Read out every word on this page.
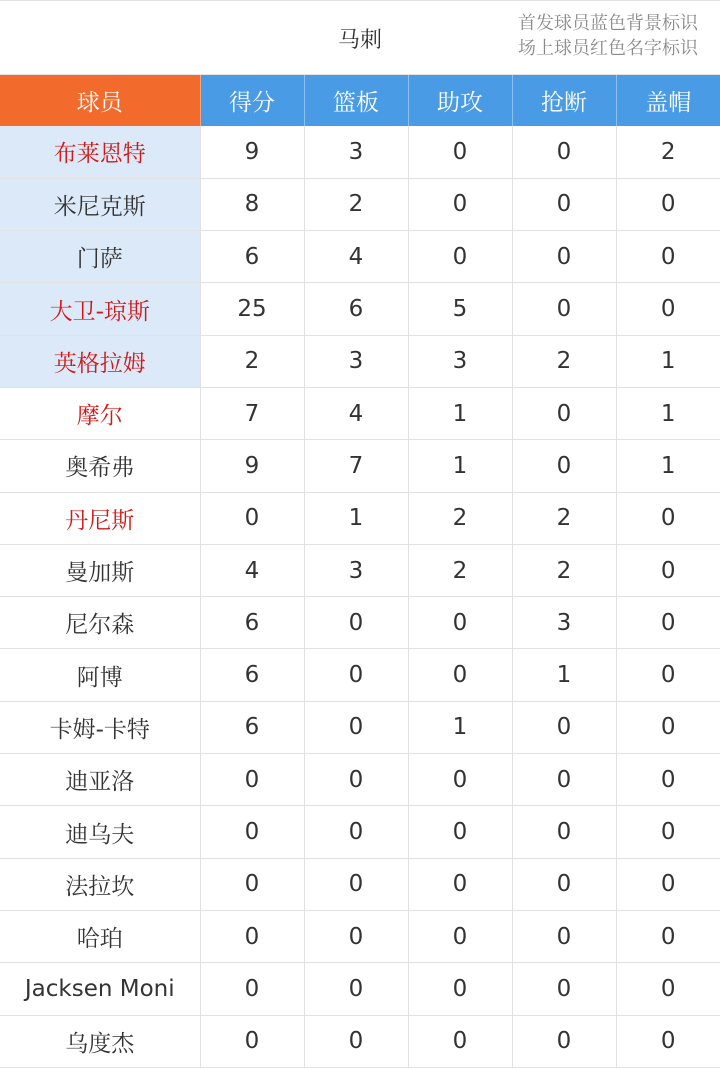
马刺
首发球员蓝色背景标识
场上球员红色名字标识
球员	得分	篮板	助攻	抢断	盖帽
布莱恩特	9	3	0	0	2
米尼克斯	8	2	0	0	0
门萨	6	4	0	0	0
大卫-琼斯	25	6	5	0	0
英格拉姆	2	3	3	2	1
摩尔	7	4	1	0	1
奥希弗	9	7	1	0	1
丹尼斯	0	1	2	2	0
曼加斯	4	3	2	2	0
尼尔森	6	0	0	3	0
阿博	6	0	0	1	0
卡姆-卡特	6	0	1	0	0
迪亚洛	0	0	0	0	0
迪乌夫	0	0	0	0	0
法拉坎	0	0	0	0	0
哈珀	0	0	0	0	0
Jacksen Moni	0	0	0	0	0
乌度杰	0	0	0	0	0
